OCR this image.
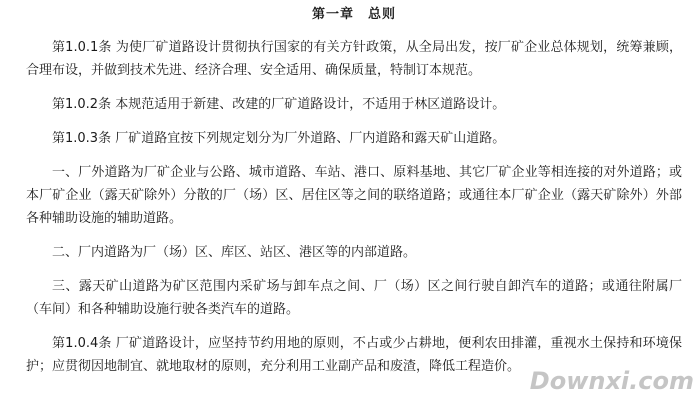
第一章 总则

第1.0.1条 为使厂矿道路设计贯彻执行国家的有关方针政策，从全局出发，按厂矿企业总体规划，统筹兼顾，合理布设，并做到技术先进、经济合理、安全适用、确保质量，特制订本规范。

第1.0.2条 本规范适用于新建、改建的厂矿道路设计，不适用于林区道路设计。

第1.0.3条 厂矿道路宜按下列规定划分为厂外道路、厂内道路和露天矿山道路。

一、厂外道路为厂矿企业与公路、城市道路、车站、港口、原料基地、其它厂矿企业等相连接的对外道路；或本厂矿企业（露天矿除外）分散的厂（场）区、居住区等之间的联络道路；或通往本厂矿企业（露天矿除外）外部各种辅助设施的辅助道路。

二、厂内道路为厂（场）区、库区、站区、港区等的内部道路。

三、露天矿山道路为矿区范围内采矿场与卸车点之间、厂（场）区之间行驶自卸汽车的道路；或通往附属厂（车间）和各种辅助设施行驶各类汽车的道路。

第1.0.4条 厂矿道路设计，应坚持节约用地的原则，不占或少占耕地，便利农田排灌，重视水土保持和环境保护；应贯彻因地制宜、就地取材的原则，充分利用工业副产品和废渣，降低工程造价。

Downxi.com
